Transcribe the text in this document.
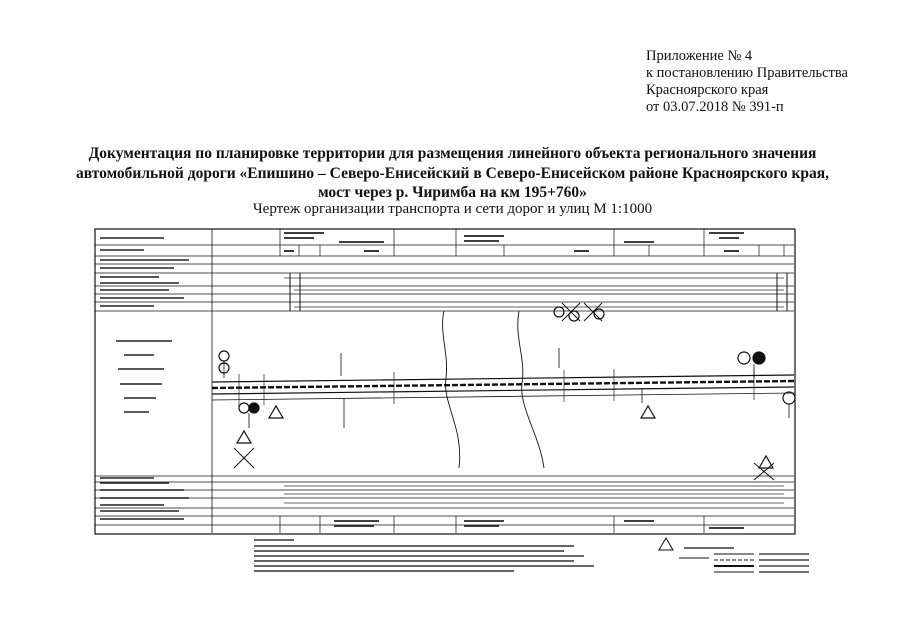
Приложение № 4
к постановлению Правительства
Красноярского края
от 03.07.2018 № 391-п
Документация по планировке территории для размещения линейного объекта регионального значения
автомобильной дороги «Епишино – Северо-Енисейский в Северо-Енисейском районе Красноярского края,
мост через р. Чиримба на км 195+760»
Чертеж организации транспорта и сети дорог и улиц М 1:1000
